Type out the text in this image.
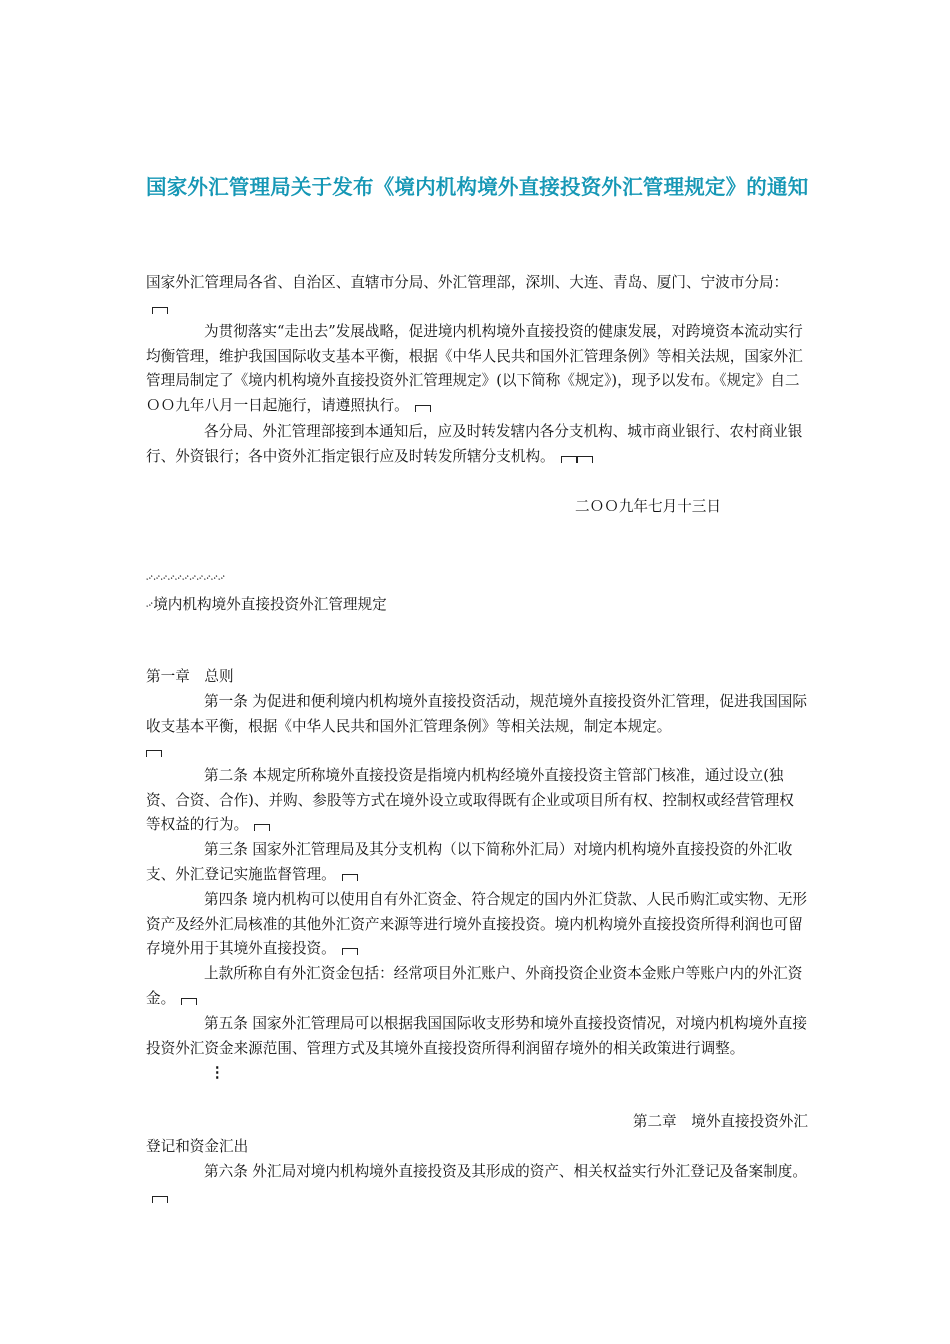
国家外汇管理局关于发布《境内机构境外直接投资外汇管理规定》的通知

国家外汇管理局各省、自治区、直辖市分局、外汇管理部，深圳、大连、青岛、厦门、宁波市分局：

为贯彻落实“走出去”发展战略，促进境内机构境外直接投资的健康发展，对跨境资本流动实行均衡管理，维护我国国际收支基本平衡，根据《中华人民共和国外汇管理条例》等相关法规，国家外汇管理局制定了《境内机构境外直接投资外汇管理规定》(以下简称《规定》)，现予以发布。《规定》自二ＯＯ九年八月一日起施行，请遵照执行。

各分局、外汇管理部接到本通知后，应及时转发辖内各分支机构、城市商业银行、农村商业银行、外资银行；各中资外汇指定银行应及时转发所辖分支机构。

二ＯＯ九年七月十三日

࿚࿚࿚࿚࿚࿚࿚࿚࿚࿚࿚

࿚境内机构境外直接投资外汇管理规定

第一章　总则

第一条 为促进和便利境内机构境外直接投资活动，规范境外直接投资外汇管理，促进我国国际收支基本平衡，根据《中华人民共和国外汇管理条例》等相关法规，制定本规定。

第二条 本规定所称境外直接投资是指境内机构经境外直接投资主管部门核准，通过设立(独资、合资、合作)、并购、参股等方式在境外设立或取得既有企业或项目所有权、控制权或经营管理权等权益的行为。

第三条 国家外汇管理局及其分支机构（以下简称外汇局）对境内机构境外直接投资的外汇收支、外汇登记实施监督管理。

第四条 境内机构可以使用自有外汇资金、符合规定的国内外汇贷款、人民币购汇或实物、无形资产及经外汇局核准的其他外汇资产来源等进行境外直接投资。境内机构境外直接投资所得利润也可留存境外用于其境外直接投资。

上款所称自有外汇资金包括：经常项目外汇账户、外商投资企业资本金账户等账户内的外汇资金。

第五条 国家外汇管理局可以根据我国国际收支形势和境外直接投资情况，对境内机构境外直接投资外汇资金来源范围、管理方式及其境外直接投资所得利润留存境外的相关政策进行调整。⋮

第二章　境外直接投资外汇

登记和资金汇出

第六条 外汇局对境内机构境外直接投资及其形成的资产、相关权益实行外汇登记及备案制度。
